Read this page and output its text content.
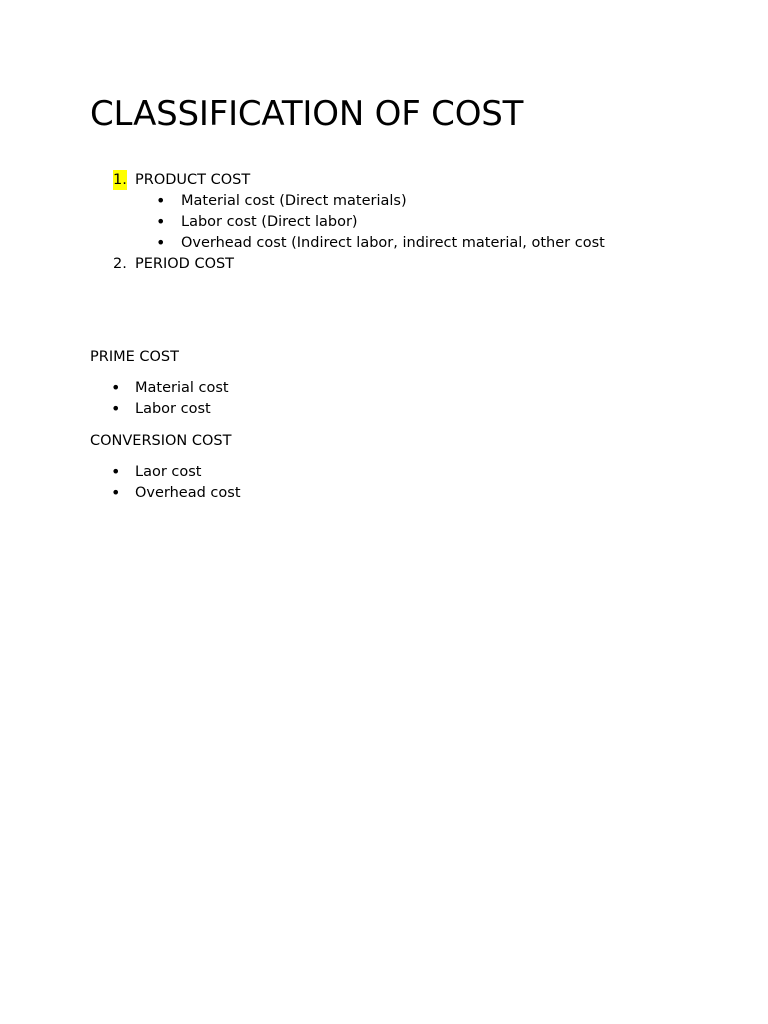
CLASSIFICATION OF COST
1. PRODUCT COST
• Material cost (Direct materials)
• Labor cost (Direct labor)
• Overhead cost (Indirect labor, indirect material, other cost
2. PERIOD COST
PRIME COST
• Material cost
• Labor cost
CONVERSION COST
• Laor cost
• Overhead cost
